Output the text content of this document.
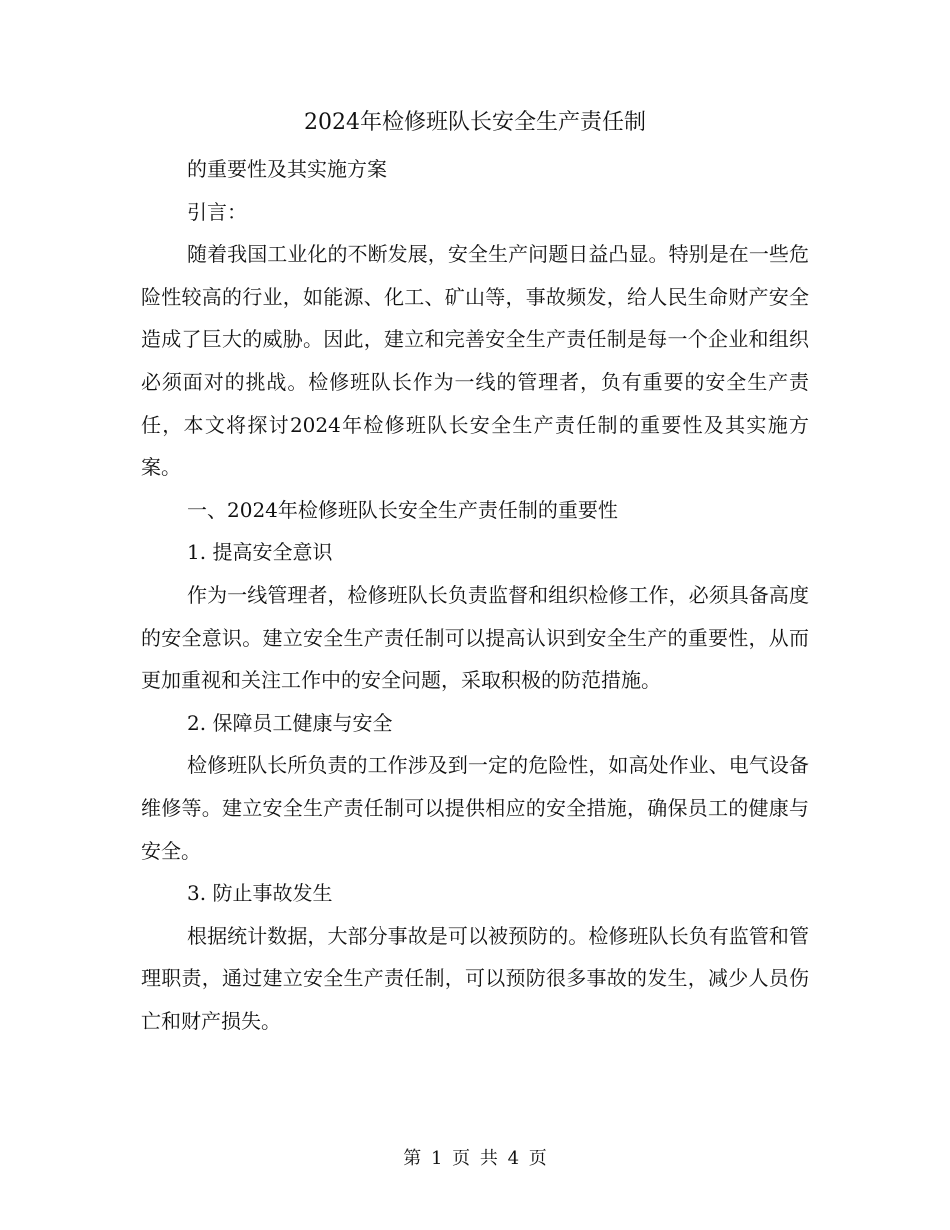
2024年检修班队长安全生产责任制

的重要性及其实施方案

引言：

随着我国工业化的不断发展，安全生产问题日益凸显。特别是在一些危险性较高的行业，如能源、化工、矿山等，事故频发，给人民生命财产安全造成了巨大的威胁。因此，建立和完善安全生产责任制是每一个企业和组织必须面对的挑战。检修班队长作为一线的管理者，负有重要的安全生产责任，本文将探讨2024年检修班队长安全生产责任制的重要性及其实施方案。

一、2024年检修班队长安全生产责任制的重要性

1. 提高安全意识

作为一线管理者，检修班队长负责监督和组织检修工作，必须具备高度的安全意识。建立安全生产责任制可以提高认识到安全生产的重要性，从而更加重视和关注工作中的安全问题，采取积极的防范措施。

2. 保障员工健康与安全

检修班队长所负责的工作涉及到一定的危险性，如高处作业、电气设备维修等。建立安全生产责任制可以提供相应的安全措施，确保员工的健康与安全。

3. 防止事故发生

根据统计数据，大部分事故是可以被预防的。检修班队长负有监管和管理职责，通过建立安全生产责任制，可以预防很多事故的发生，减少人员伤亡和财产损失。

第 1 页 共 4 页
